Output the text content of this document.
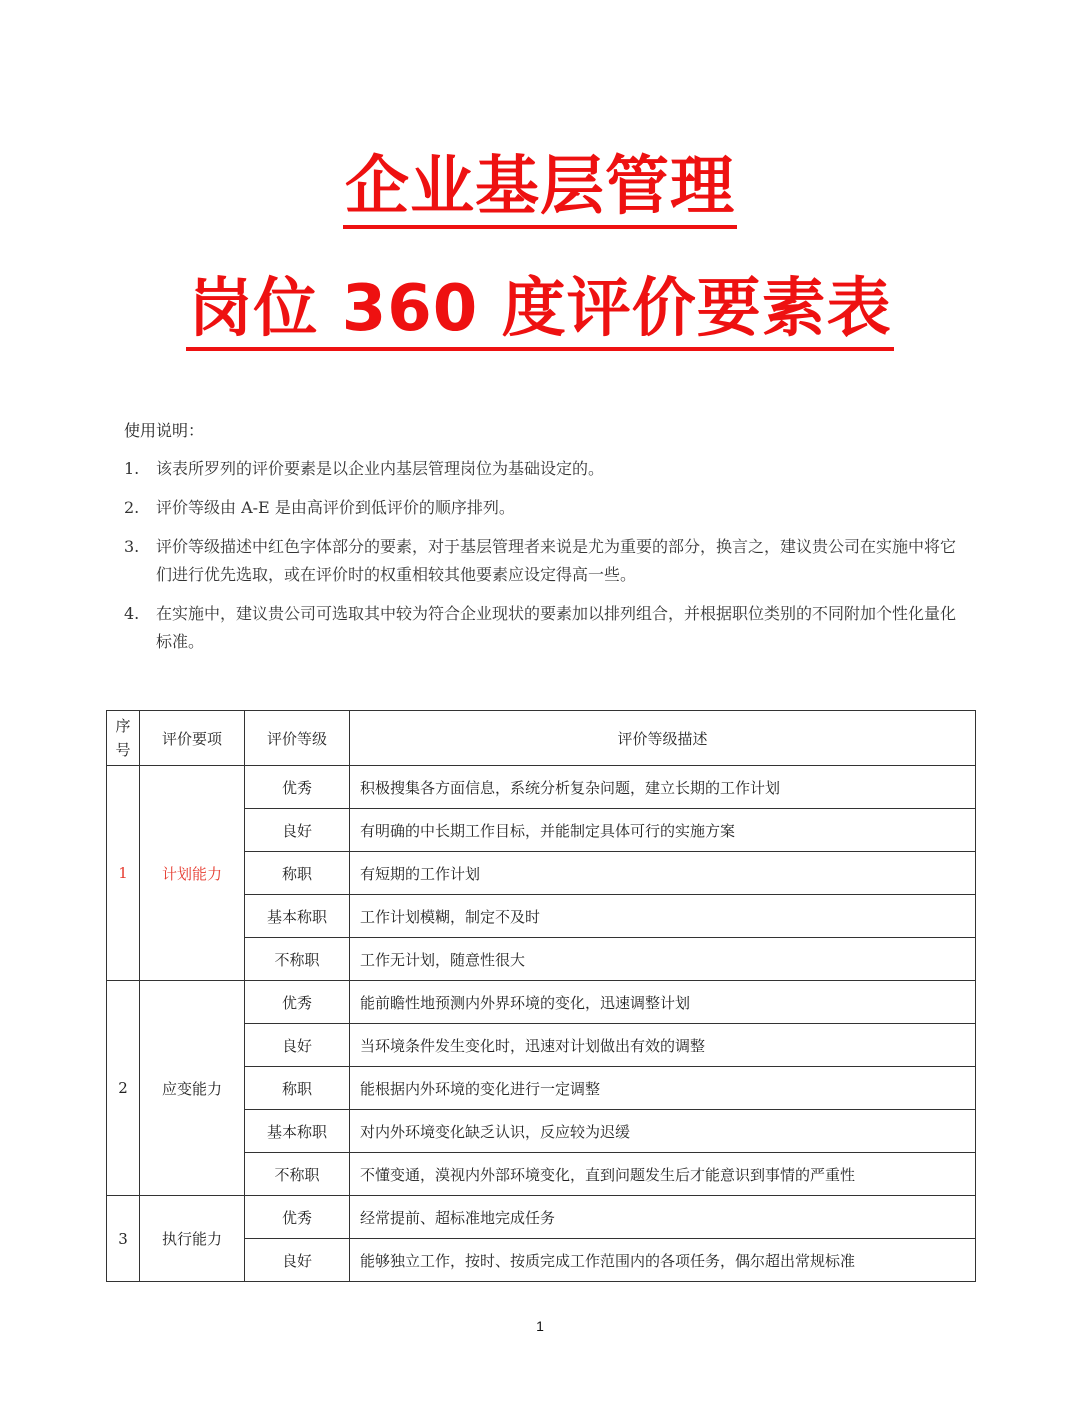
企业基层管理
岗位 360 度评价要素表
使用说明：
1. 该表所罗列的评价要素是以企业内基层管理岗位为基础设定的。
2. 评价等级由 A-E 是由高评价到低评价的顺序排列。
3. 评价等级描述中红色字体部分的要素，对于基层管理者来说是尤为重要的部分，换言之，建议贵公司在实施中将它们进行优先选取，或在评价时的权重相较其他要素应设定得高一些。
4. 在实施中，建议贵公司可选取其中较为符合企业现状的要素加以排列组合，并根据职位类别的不同附加个性化量化标准。
序
号	评价要项	评价等级	评价等级描述
1	计划能力	优秀	积极搜集各方面信息，系统分析复杂问题，建立长期的工作计划
		良好	有明确的中长期工作目标，并能制定具体可行的实施方案
		称职	有短期的工作计划
		基本称职	工作计划模糊，制定不及时
		不称职	工作无计划，随意性很大
2	应变能力	优秀	能前瞻性地预测内外界环境的变化，迅速调整计划
		良好	当环境条件发生变化时，迅速对计划做出有效的调整
		称职	能根据内外环境的变化进行一定调整
		基本称职	对内外环境变化缺乏认识，反应较为迟缓
		不称职	不懂变通，漠视内外部环境变化，直到问题发生后才能意识到事情的严重性
3	执行能力	优秀	经常提前、超标准地完成任务
		良好	能够独立工作，按时、按质完成工作范围内的各项任务，偶尔超出常规标准
1
